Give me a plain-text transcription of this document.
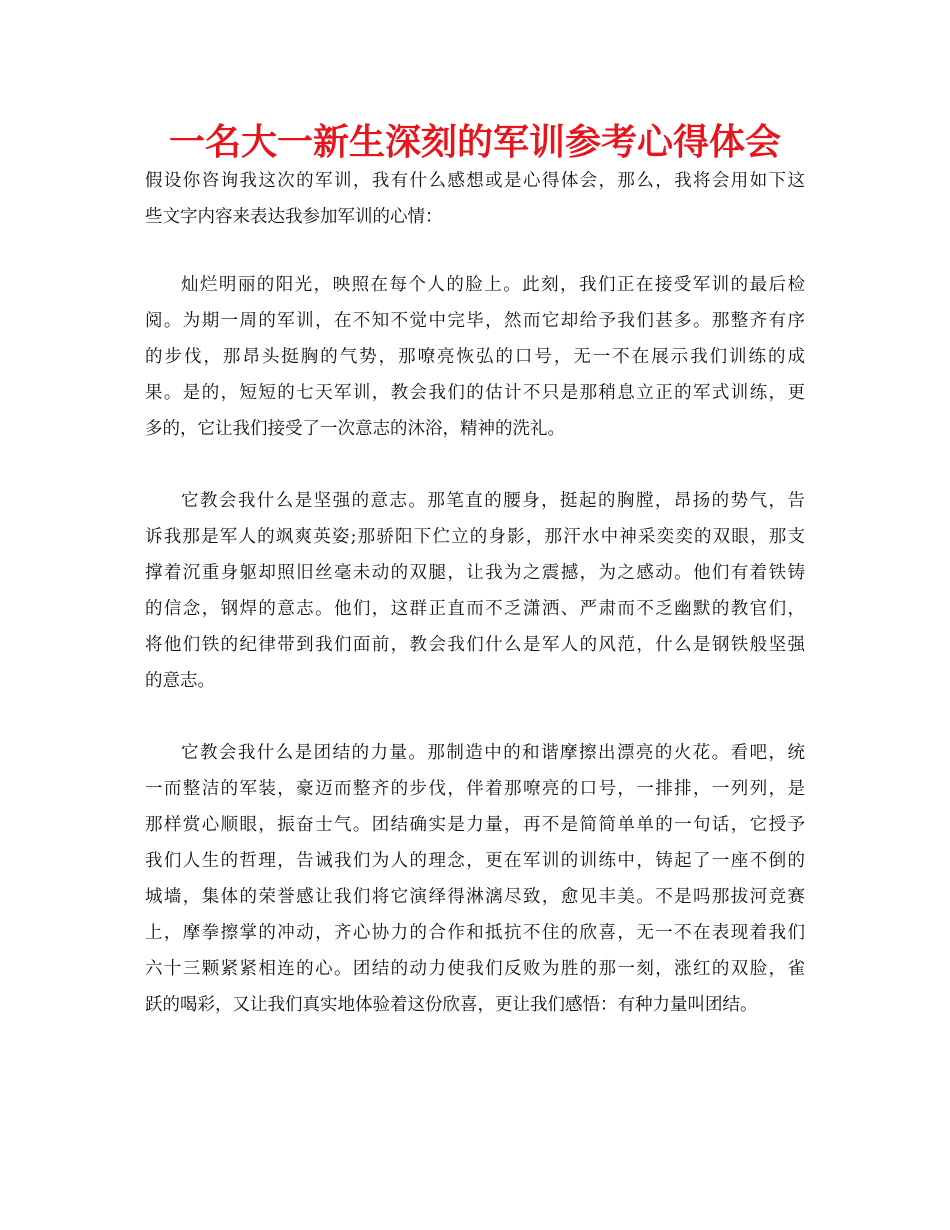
一名大一新生深刻的军训参考心得体会
假设你咨询我这次的军训，我有什么感想或是心得体会，那么，我将会用如下这
些文字内容来表达我参加军训的心情：
灿烂明丽的阳光，映照在每个人的脸上。此刻，我们正在接受军训的最后检
阅。为期一周的军训，在不知不觉中完毕，然而它却给予我们甚多。那整齐有序
的步伐，那昂头挺胸的气势，那嘹亮恢弘的口号，无一不在展示我们训练的成
果。是的，短短的七天军训，教会我们的估计不只是那稍息立正的军式训练，更
多的，它让我们接受了一次意志的沐浴，精神的洗礼。
它教会我什么是坚强的意志。那笔直的腰身，挺起的胸膛，昂扬的势气，告
诉我那是军人的飒爽英姿;那骄阳下伫立的身影，那汗水中神采奕奕的双眼，那支
撑着沉重身躯却照旧丝毫未动的双腿，让我为之震撼，为之感动。他们有着铁铸
的信念，钢焊的意志。他们，这群正直而不乏潇洒、严肃而不乏幽默的教官们，
将他们铁的纪律带到我们面前，教会我们什么是军人的风范，什么是钢铁般坚强
的意志。
它教会我什么是团结的力量。那制造中的和谐摩擦出漂亮的火花。看吧，统
一而整洁的军装，豪迈而整齐的步伐，伴着那嘹亮的口号，一排排，一列列，是
那样赏心顺眼，振奋士气。团结确实是力量，再不是简简单单的一句话，它授予
我们人生的哲理，告诫我们为人的理念，更在军训的训练中，铸起了一座不倒的
城墙，集体的荣誉感让我们将它演绎得淋漓尽致，愈见丰美。不是吗那拔河竞赛
上，摩拳擦掌的冲动，齐心协力的合作和抵抗不住的欣喜，无一不在表现着我们
六十三颗紧紧相连的心。团结的动力使我们反败为胜的那一刻，涨红的双脸，雀
跃的喝彩，又让我们真实地体验着这份欣喜，更让我们感悟：有种力量叫团结。
